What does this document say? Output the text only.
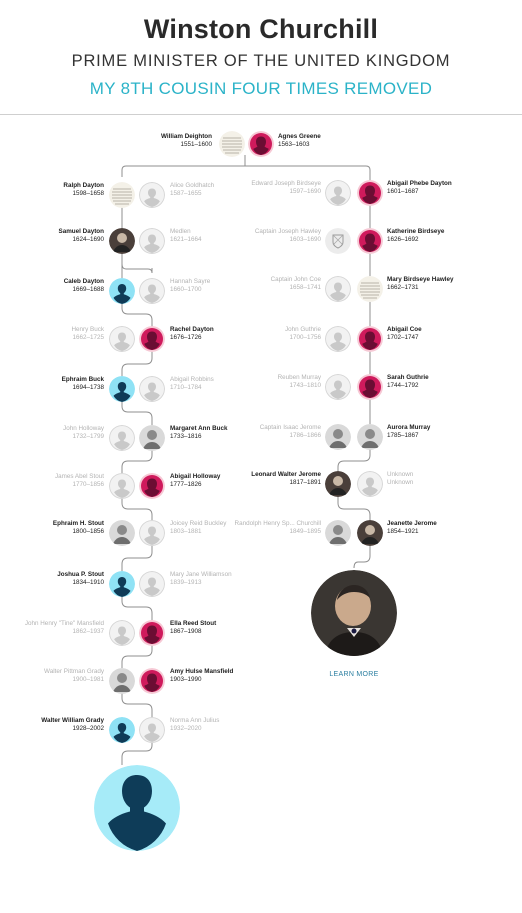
Winston Churchill
PRIME MINISTER OF THE UNITED KINGDOM
MY 8TH COUSIN FOUR TIMES REMOVED
William Deighton
1551–1600
Agnes Greene
1563–1603
Ralph Dayton
1598–1658
Alice Goldhatch
1587–1655
Samuel Dayton
1624–1690
Medlen
1621–1664
Caleb Dayton
1669–1688
Hannah Sayre
1660–1700
Henry Buck
1662–1725
Rachel Dayton
1676–1726
Ephraim Buck
1694–1738
Abigail Robbins
1710–1784
John Holloway
1732–1799
Margaret Ann Buck
1733–1816
James Abel Stout
1770–1856
Abigail Holloway
1777–1826
Ephraim H. Stout
1800–1856
Joicey Reid Buckley
1803–1881
Joshua P. Stout
1834–1910
Mary Jane Williamson
1839–1913
John Henry "Tine" Mansfield
1862–1937
Ella Reed Stout
1867–1908
Walter Pittman Grady
1900–1981
Amy Hulse Mansfield
1903–1990
Walter William Grady
1928–2002
Norma Ann Julius
1932–2020
Edward Joseph Birdseye
1597–1690
Abigail Phebe Dayton
1601–1687
Captain Joseph Hawley
1603–1690
Katherine Birdseye
1626–1692
Captain John Coe
1658–1741
Mary Birdseye Hawley
1662–1731
John Guthrie
1700–1756
Abigail Coe
1702–1747
Reuben Murray
1743–1810
Sarah Guthrie
1744–1792
Captain Isaac Jerome
1786–1866
Aurora Murray
1785–1867
Leonard Walter Jerome
1817–1891
Unknown
Unknown
Randolph Henry Sp... Churchill
1849–1895
Jeanette Jerome
1854–1921
LEARN MORE
